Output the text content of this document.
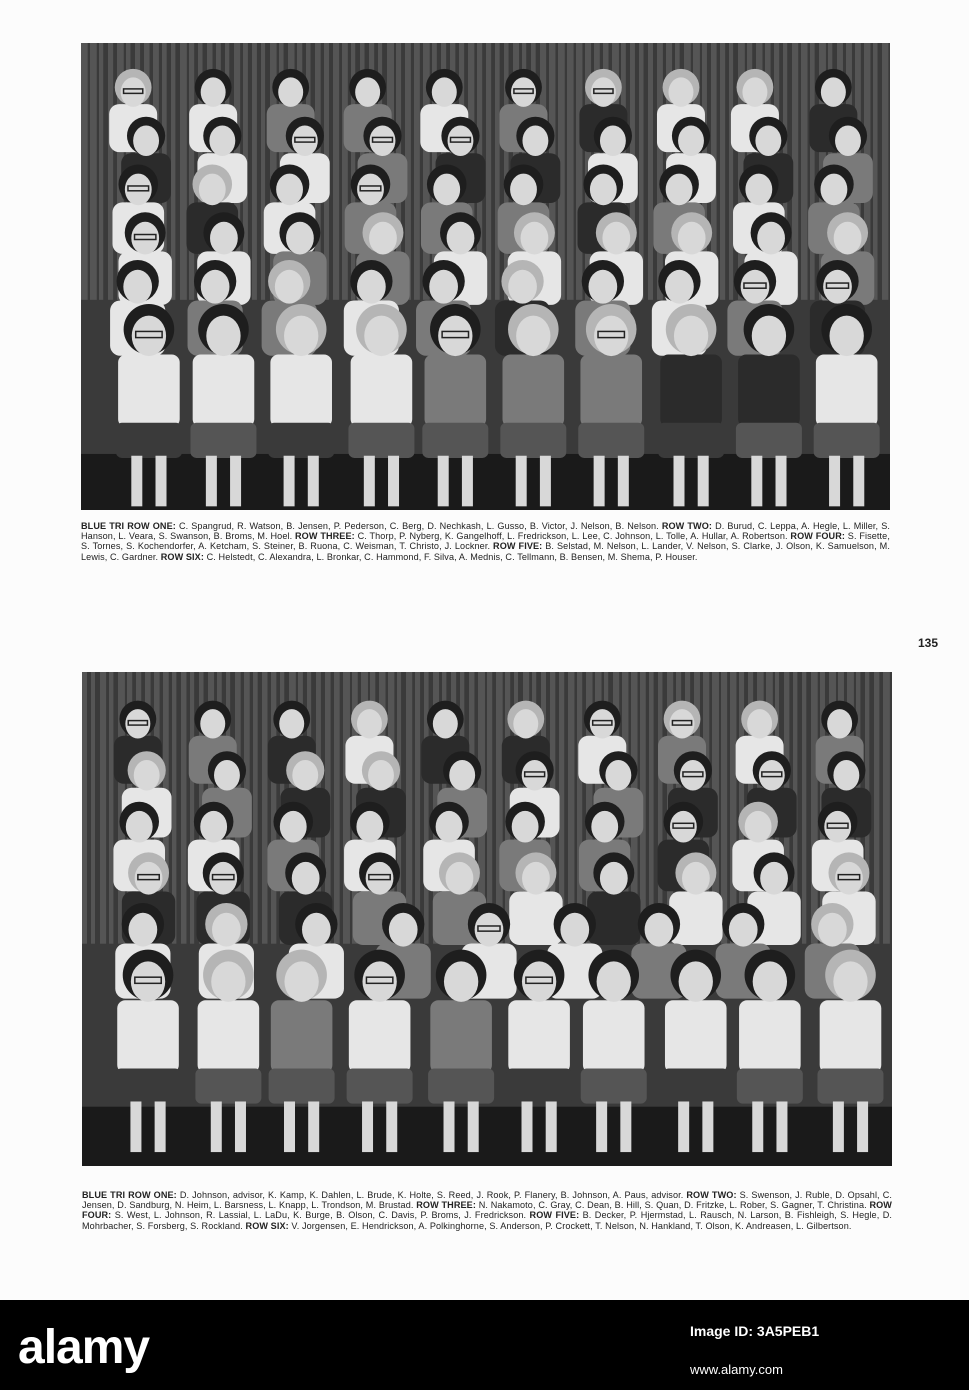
BLUE TRI ROW ONE: C. Spangrud, R. Watson, B. Jensen, P. Pederson, C. Berg, D. Nechkash, L. Gusso, B. Victor, J. Nelson, B. Nelson. ROW TWO: D. Burud, C. Leppa, A. Hegle, L. Miller, S. Hanson, L. Veara, S. Swanson, B. Broms, M. Hoel. ROW THREE: C. Thorp, P. Nyberg, K. Gangelhoff, L. Fredrickson, L. Lee, C. Johnson, L. Tolle, A. Hullar, A. Robertson. ROW FOUR: S. Fisette, S. Tornes, S. Kochendorfer, A. Ketcham, S. Steiner, B. Ruona, C. Weisman, T. Christo, J. Lockner. ROW FIVE: B. Selstad, M. Nelson, L. Lander, V. Nelson, S. Clarke, J. Olson, K. Samuelson, M. Lewis, C. Gardner. ROW SIX: C. Helstedt, C. Alexandra, L. Bronkar, C. Hammond, F. Silva, A. Mednis, C. Tellmann, B. Bensen, M. Shema, P. Houser.
135
BLUE TRI ROW ONE: D. Johnson, advisor, K. Kamp, K. Dahlen, L. Brude, K. Holte, S. Reed, J. Rook, P. Flanery, B. Johnson, A. Paus, advisor. ROW TWO: S. Swenson, J. Ruble, D. Opsahl, C. Jensen, D. Sandburg, N. Heim, L. Barsness, L. Knapp, L. Trondson, M. Brustad. ROW THREE: N. Nakamoto, C. Gray, C. Dean, B. Hill, S. Quan, D. Fritzke, L. Rober, S. Gagner, T. Christina. ROW FOUR: S. West, L. Johnson, R. Lassial, L. LaDu, K. Burge, B. Olson, C. Davis, P. Broms, J. Fredrickson. ROW FIVE: B. Decker, P. Hjermstad, L. Rausch, N. Larson, B. Fishleigh, S. Hegle, D. Mohrbacher, S. Forsberg, S. Rockland. ROW SIX: V. Jorgensen, E. Hendrickson, A. Polkinghorne, S. Anderson, P. Crockett, T. Nelson, N. Hankland, T. Olson, K. Andreasen, L. Gilbertson.
alamy	Image ID: 3A5PEB1
www.alamy.com
